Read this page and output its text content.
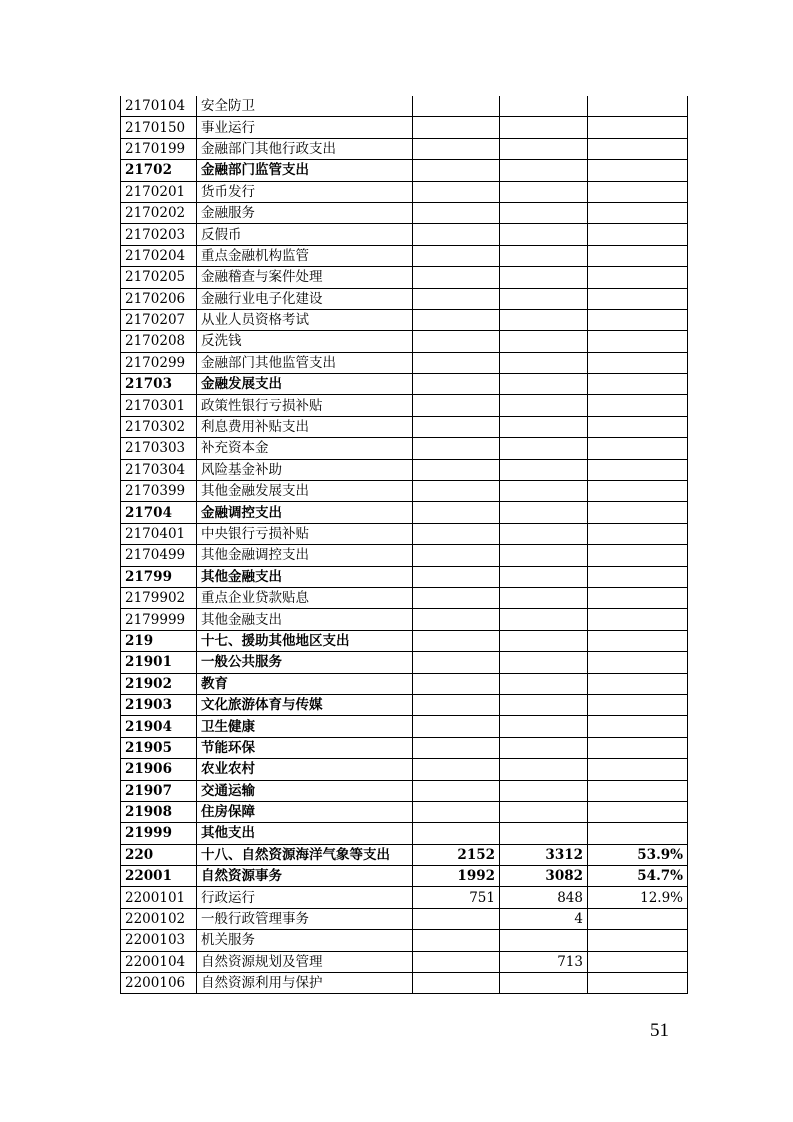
2170104	安全防卫			
2170150	事业运行			
2170199	金融部门其他行政支出			
21702	金融部门监管支出			
2170201	货币发行			
2170202	金融服务			
2170203	反假币			
2170204	重点金融机构监管			
2170205	金融稽查与案件处理			
2170206	金融行业电子化建设			
2170207	从业人员资格考试			
2170208	反洗钱			
2170299	金融部门其他监管支出			
21703	金融发展支出			
2170301	政策性银行亏损补贴			
2170302	利息费用补贴支出			
2170303	补充资本金			
2170304	风险基金补助			
2170399	其他金融发展支出			
21704	金融调控支出			
2170401	中央银行亏损补贴			
2170499	其他金融调控支出			
21799	其他金融支出			
2179902	重点企业贷款贴息			
2179999	其他金融支出			
219	十七、援助其他地区支出			
21901	一般公共服务			
21902	教育			
21903	文化旅游体育与传媒			
21904	卫生健康			
21905	节能环保			
21906	农业农村			
21907	交通运输			
21908	住房保障			
21999	其他支出			
220	十八、自然资源海洋气象等支出	2152	3312	53.9%
22001	自然资源事务	1992	3082	54.7%
2200101	行政运行	751	848	12.9%
2200102	一般行政管理事务		4	
2200103	机关服务			
2200104	自然资源规划及管理		713	
2200106	自然资源利用与保护			
51
